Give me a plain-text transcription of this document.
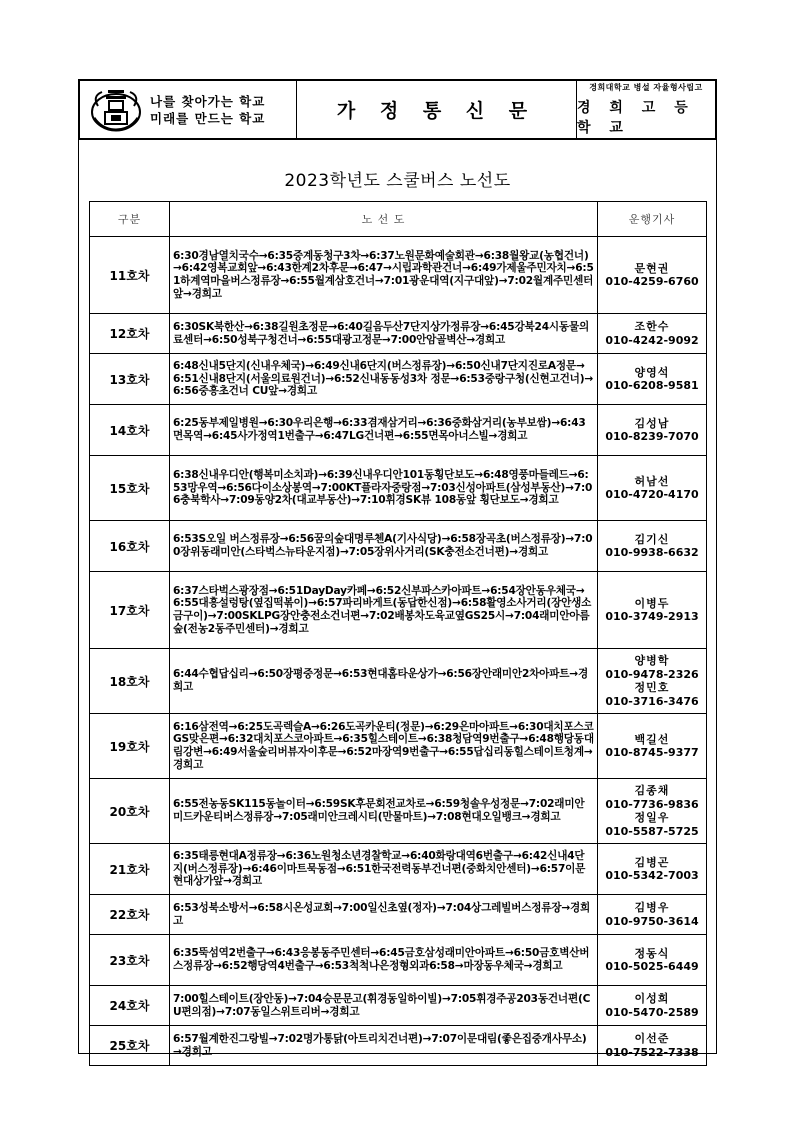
나를 찾아가는 학교
미래를 만드는 학교	가 정 통 신 문
경희대학교 병설 자율형사립고
경 희 고 등 학 교
2023학년도 스쿨버스 노선도
구분	노 선 도	운행기사
11호차	6:30경남열치국수→6:35중계동청구3차→6:37노원문화예술회관→6:38월왕교(농협건너)→6:42영복교회앞→6:43한계2차후문→6:47→시립과학관건너→6:49가제울주민자치→6:51하계역마을버스정류장→6:55월계삼호건너→7:01광운대역(지구대앞)→7:02월계주민센터앞→경희고	문현권
010-4259-6760

12호차	6:30SK북한산→6:38길원초정문→6:40길음두산7단지상가정류장→6:45강북24시동물의료센터→6:50성북구청건너→6:55대광고정문→7:00안암골벽산→경희고	조한수
010-4242-9092

13호차	6:48신내5단지(신내우체국)→6:49신내6단지(버스정류장)→6:50신내7단지진로A정문→6:51신내8단지(서울의료원건너)→6:52신내동동성3차 정문→6:53중랑구청(신현고건너)→6:56중흥초건너 CU앞→경희고	양영석
010-6208-9581

14호차	6:25동부제일병원→6:30우리은행→6:33겸재삼거리→6:36중화삼거리(농부보쌈)→6:43면목역→6:45사가정역1번출구→6:47LG건너편→6:55면목아너스빌→경희고	김성남
010-8239-7070

15호차	6:38신내우디안(행복미소치과)→6:39신내우디안101동횡단보도→6:48영풍마들레드→6:53망우역→6:56다이소상봉역→7:00KT플라자중랑점→7:03신성아파트(삼성부동산)→7:06충북학사→7:09동양2차(대교부동산)→7:10휘경SK뷰 108동앞 횡단보도→경희고	허남선
010-4720-4170

16호차	6:53S오일 버스정류장→6:56꿈의숲대명루첸A(기사식당)→6:58장곡초(버스정류장)→7:00장위동래미안(스타벅스뉴타운지점)→7:05장위사거리(SK충전소건너편)→경희고	김기신
010-9938-6632

17호차	6:37스타벅스광장점→6:51DayDay카페→6:52신부파스카아파트→6:54장안동우체국→6:55대흥설렁탕(옆집떡볶이)→6:57파리바게트(동답한신점)→6:58활영소사거리(장안생소금구이)→7:00SKLPG장안충전소건너편→7:02배봉차도육교옆GS25시→7:04래미안아름숲(전농2동주민센터)→경희고	이병두
010-3749-2913

18호차	6:44수협답십리→6:50장평중정문→6:53현대홈타운상가→6:56장안래미안2차아파트→경희고	양병학
010-9478-2326
정민호
010-3716-3476

19호차	6:16삼전역→6:25도곡렉슬A→6:26도곡카운티(정문)→6:29은마아파트→6:30대치포스코GS맞은편→6:32대치포스코아파트→6:35힐스테이트→6:38청담역9번출구→6:48행당동대림강변→6:49서울숲리버뷰자이후문→6:52마장역9번출구→6:55답십리동힐스테이트청계→경희고	백길선
010-8745-9377

20호차	6:55전농동SK115동놀이터→6:59SK후문회전교차로→6:59청솔우성정문→7:02래미안미드카운티버스정류장→7:05래미안크레시티(만물마트)→7:08현대오일뱅크→경희고	김종채
010-7736-9836
정일우
010-5587-5725

21호차	6:35태릉현대A정류장→6:36노원청소년경찰학교→6:40화랑대역6번출구→6:42신내4단지(버스정류장)→6:46이마트묵동점→6:51한국전력동부건너편(중화치안센터)→6:57이문현대상가앞→경희고	김병곤
010-5342-7003

22호차	6:53성북소방서→6:58시온성교회→7:00일신초옆(정자)→7:04상그레빌버스정류장→경희고	김병우
010-9750-3614

23호차	6:35뚝섬역2번출구→6:43응봉동주민센터→6:45금호삼성래미안아파트→6:50금호벽산버스정류장→6:52행당역4번출구→6:53척척나은정형외과6:58→마장동우체국→경희고	정동식
010-5025-6449

24호차	7:00힐스테이트(장안동)→7:04승문문고(휘경동일하이빌)→7:05휘경주공203동건너편(CU편의점)→7:07동일스위트리버→경희고	이성희
010-5470-2589

25호차	6:57월계한진그랑빌→7:02명가통닭(아트리치건너편)→7:07이문대림(좋은집중개사무소)→경희고	이선준
010-7522-7338
